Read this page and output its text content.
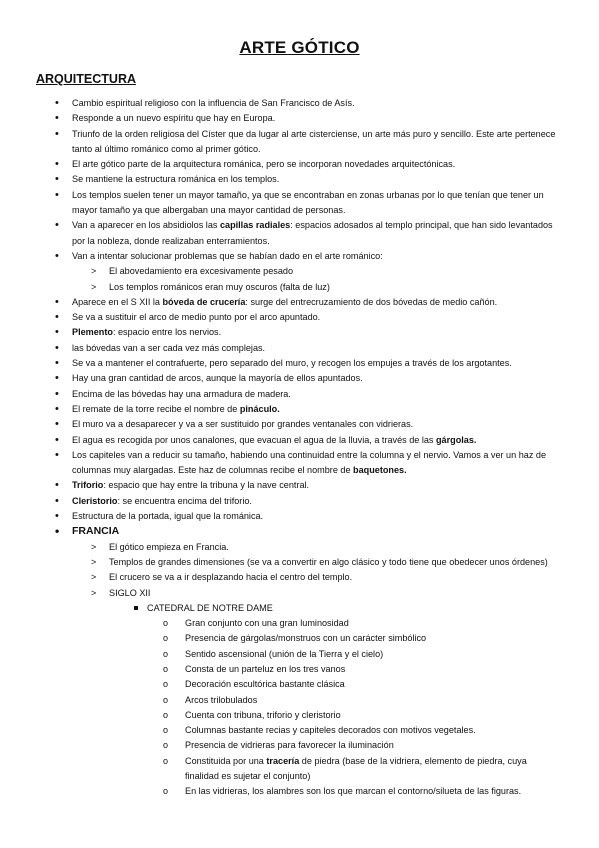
ARTE GÓTICO
ARQUITECTURA
• Cambio espiritual religioso con la influencia de San Francisco de Asís.
• Responde a un nuevo espíritu que hay en Europa.
• Triunfo de la orden religiosa del Císter que da lugar al arte cisterciense, un arte más puro y sencillo. Este arte pertenece tanto al último románico como al primer gótico.
• El arte gótico parte de la arquitectura románica, pero se incorporan novedades arquitectónicas.
• Se mantiene la estructura románica en los templos.
• Los templos suelen tener un mayor tamaño, ya que se encontraban en zonas urbanas por lo que tenían que tener un mayor tamaño ya que albergaban una mayor cantidad de personas.
• Van a aparecer en los absidiolos las capillas radiales: espacios adosados al templo principal, que han sido levantados por la nobleza, donde realizaban enterramientos.
• Van a intentar solucionar problemas que se habían dado en el arte románico:
> El abovedamiento era excesivamente pesado
> Los templos románicos eran muy oscuros (falta de luz)
• Aparece en el S XII la bóveda de crucería: surge del entrecruzamiento de dos bóvedas de medio cañón.
• Se va a sustituir el arco de medio punto por el arco apuntado.
• Plemento: espacio entre los nervios.
• las bóvedas van a ser cada vez más complejas.
• Se va a mantener el contrafuerte, pero separado del muro, y recogen los empujes a través de los argotantes.
• Hay una gran cantidad de arcos, aunque la mayoría de ellos apuntados.
• Encima de las bóvedas hay una armadura de madera.
• El remate de la torre recibe el nombre de pináculo.
• El muro va a desaparecer y va a ser sustituido por grandes ventanales con vidrieras.
• El agua es recogida por unos canalones, que evacuan el agua de la lluvia, a través de las gárgolas.
• Los capiteles van a reducir su tamaño, habiendo una continuidad entre la columna y el nervio. Vamos a ver un haz de columnas muy alargadas. Este haz de columnas recibe el nombre de baquetones.
• Triforio: espacio que hay entre la tribuna y la nave central.
• Cleristorio: se encuentra encima del triforio.
• Estructura de la portada, igual que la románica.
• FRANCIA
> El gótico empieza en Francia.
> Templos de grandes dimensiones (se va a convertir en algo clásico y todo tiene que obedecer unos órdenes)
> El crucero se va a ir desplazando hacia el centro del templo.
> SIGLO XII
CATEDRAL DE NOTRE DAME
o Gran conjunto con una gran luminosidad
o Presencia de gárgolas/monstruos con un carácter simbólico
o Sentido ascensional (unión de la Tierra y el cielo)
o Consta de un parteluz en los tres vanos
o Decoración escultórica bastante clásica
o Arcos trilobulados
o Cuenta con tribuna, triforio y cleristorio
o Columnas bastante recias y capiteles decorados con motivos vegetales.
o Presencia de vidrieras para favorecer la iluminación
o Constituida por una tracería de piedra (base de la vidriera, elemento de piedra, cuya finalidad es sujetar el conjunto)
o En las vidrieras, los alambres son los que marcan el contorno/silueta de las figuras.
